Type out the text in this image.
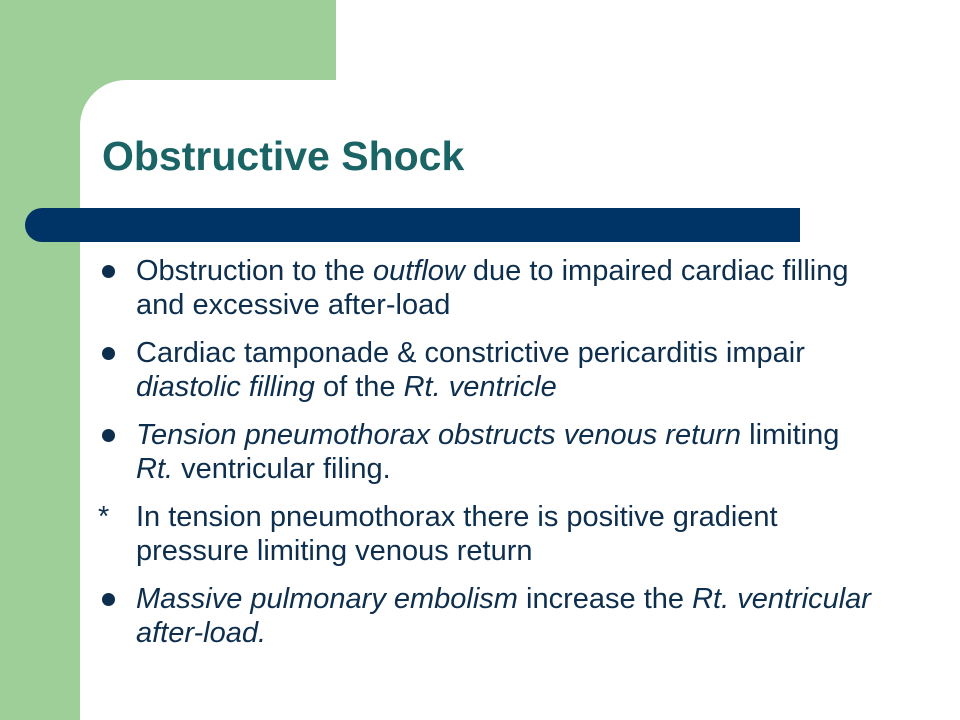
Obstructive Shock
Obstruction to the outflow due to impaired cardiac filling and excessive after-load
Cardiac tamponade & constrictive pericarditis impair diastolic filling of the Rt. ventricle
Tension pneumothorax obstructs venous return limiting Rt. ventricular filing.
* In tension pneumothorax there is positive gradient pressure limiting venous return
Massive pulmonary embolism increase the Rt. ventricular after-load.
